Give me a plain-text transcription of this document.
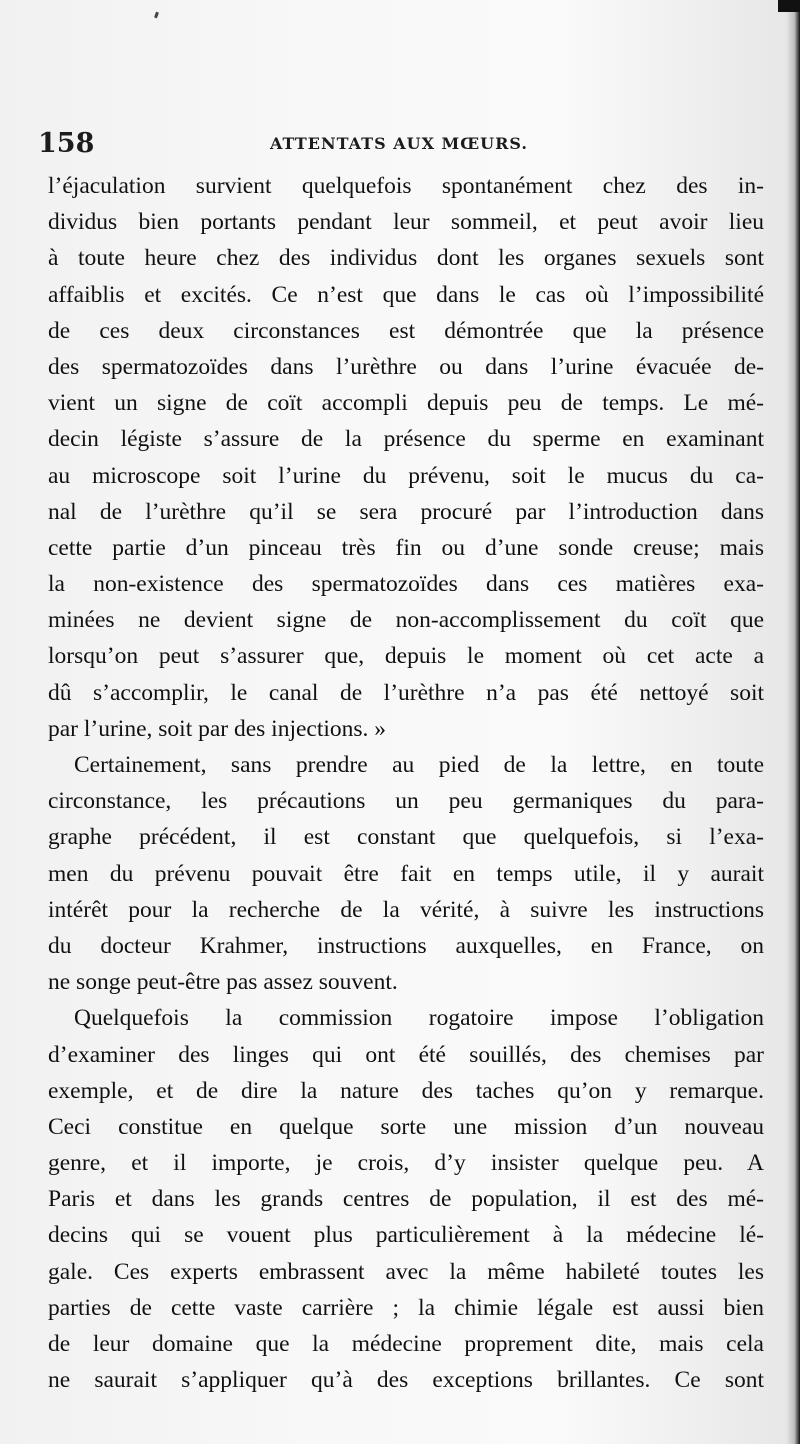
158	ATTENTATS AUX MŒURS.
l’éjaculation survient quelquefois spontanément chez des in-
dividus bien portants pendant leur sommeil, et peut avoir lieu
à toute heure chez des individus dont les organes sexuels sont
affaiblis et excités. Ce n’est que dans le cas où l’impossibilité
de ces deux circonstances est démontrée que la présence
des spermatozoïdes dans l’urèthre ou dans l’urine évacuée de-
vient un signe de coït accompli depuis peu de temps. Le mé-
decin légiste s’assure de la présence du sperme en examinant
au microscope soit l’urine du prévenu, soit le mucus du ca-
nal de l’urèthre qu’il se sera procuré par l’introduction dans
cette partie d’un pinceau très fin ou d’une sonde creuse; mais
la non-existence des spermatozoïdes dans ces matières exa-
minées ne devient signe de non-accomplissement du coït que
lorsqu’on peut s’assurer que, depuis le moment où cet acte a
dû s’accomplir, le canal de l’urèthre n’a pas été nettoyé soit
par l’urine, soit par des injections. »
Certainement, sans prendre au pied de la lettre, en toute
circonstance, les précautions un peu germaniques du para-
graphe précédent, il est constant que quelquefois, si l’exa-
men du prévenu pouvait être fait en temps utile, il y aurait
intérêt pour la recherche de la vérité, à suivre les instructions
du docteur Krahmer, instructions auxquelles, en France, on
ne songe peut-être pas assez souvent.
Quelquefois la commission rogatoire impose l’obligation
d’examiner des linges qui ont été souillés, des chemises par
exemple, et de dire la nature des taches qu’on y remarque.
Ceci constitue en quelque sorte une mission d’un nouveau
genre, et il importe, je crois, d’y insister quelque peu. A
Paris et dans les grands centres de population, il est des mé-
decins qui se vouent plus particulièrement à la médecine lé-
gale. Ces experts embrassent avec la même habileté toutes les
parties de cette vaste carrière ; la chimie légale est aussi bien
de leur domaine que la médecine proprement dite, mais cela
ne saurait s’appliquer qu’à des exceptions brillantes. Ce sont
